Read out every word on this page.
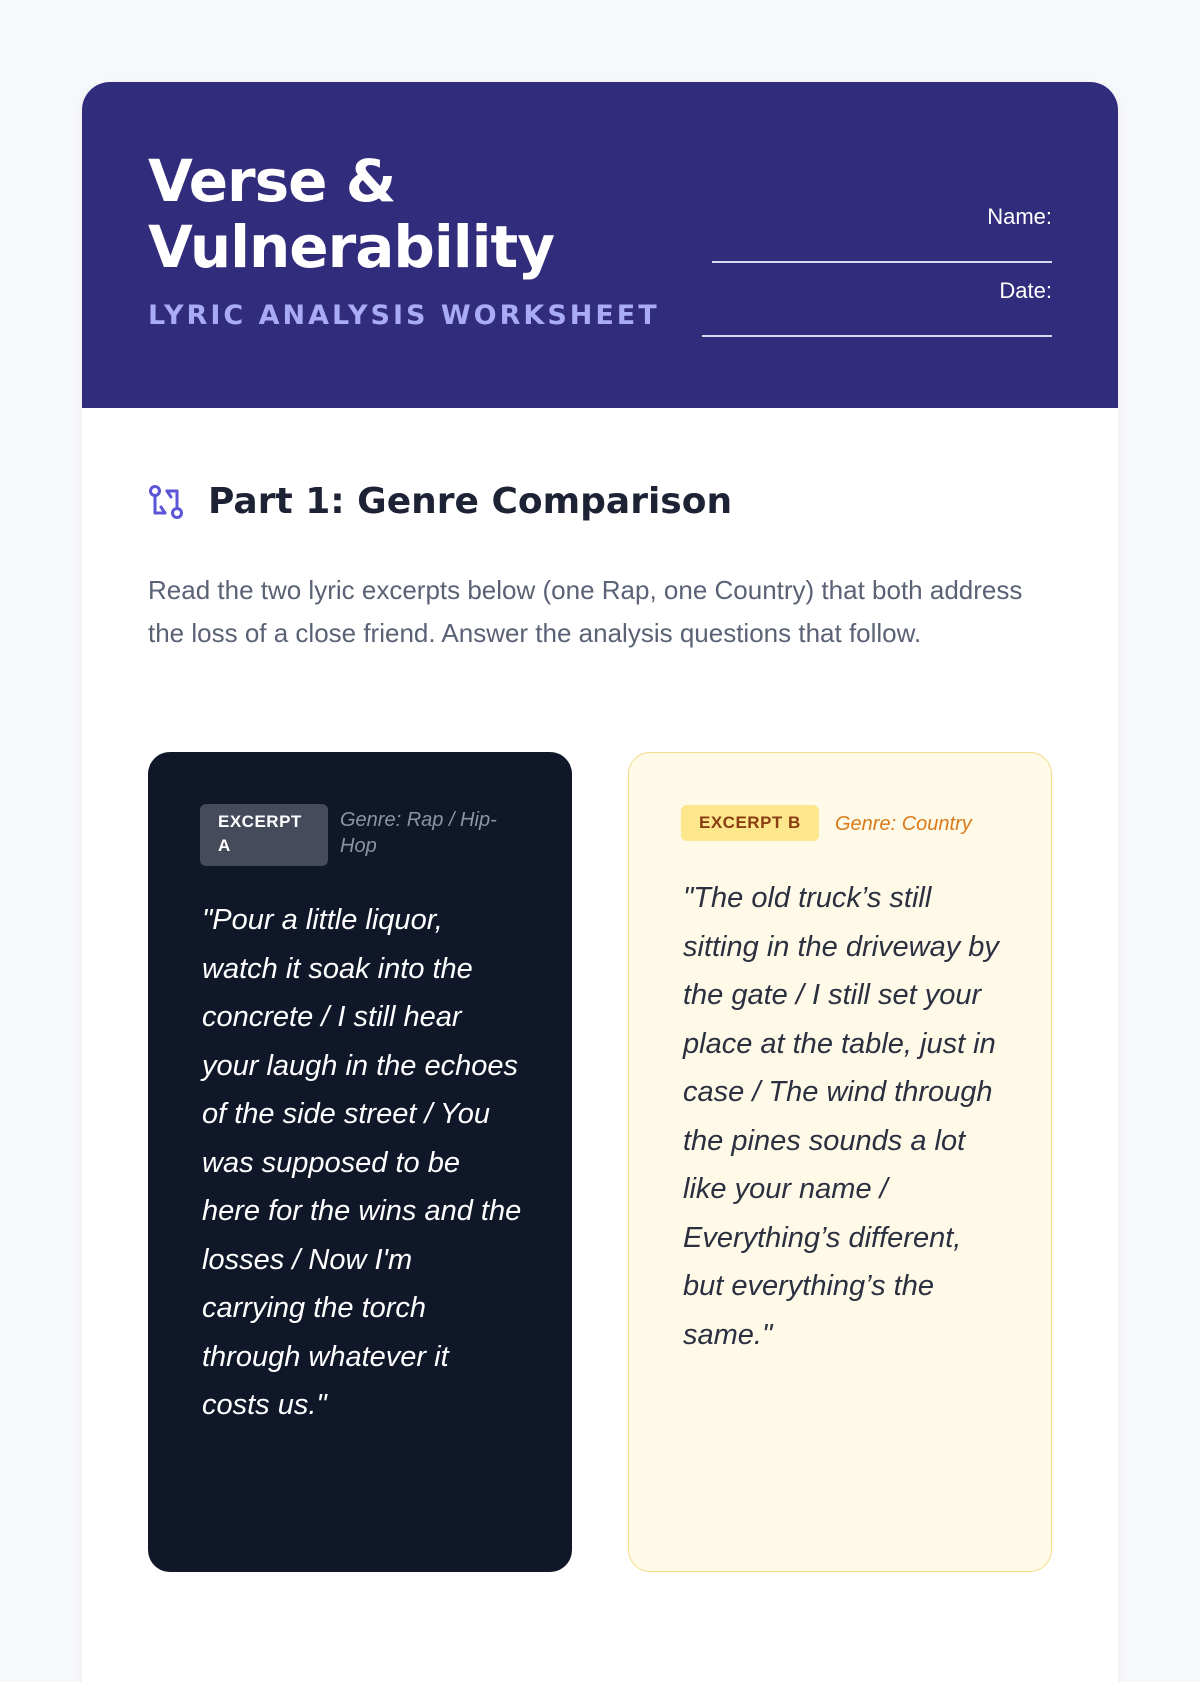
Verse & Vulnerability

LYRIC ANALYSIS WORKSHEET

Name:
Date:
Part 1: Genre Comparison

Read the two lyric excerpts below (one Rap, one Country) that both address the loss of a close friend. Answer the analysis questions that follow.

EXCERPT A
Genre: Rap / Hip-Hop

"Pour a little liquor, watch it soak into the concrete / I still hear your laugh in the echoes of the side street / You was supposed to be here for the wins and the losses / Now I'm carrying the torch through whatever it costs us."

EXCERPT B	Genre: Country

"The old truck’s still sitting in the driveway by the gate / I still set your place at the table, just in case / The wind through the pines sounds a lot like your name / Everything’s different, but everything’s the same."
